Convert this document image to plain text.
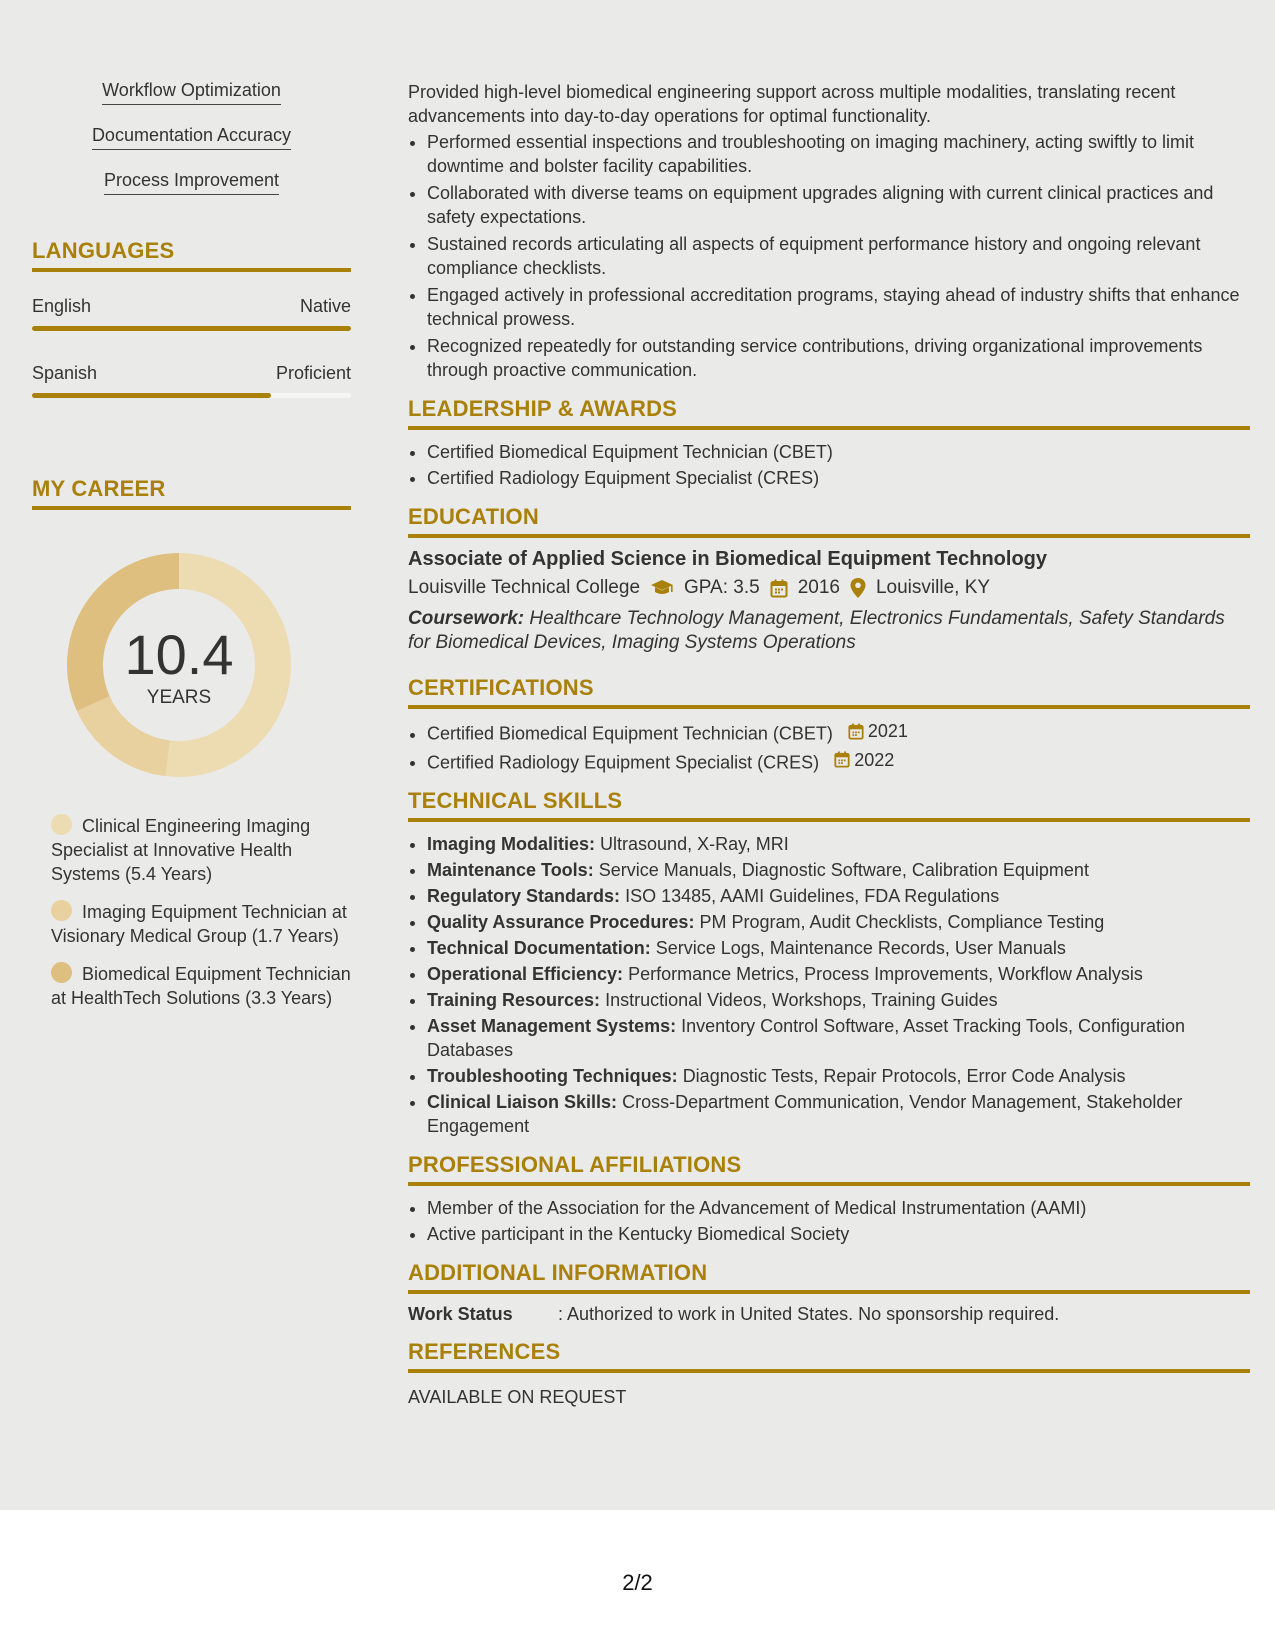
Workflow Optimization
Documentation Accuracy
Process Improvement
LANGUAGES
English	Native
Spanish	Proficient
MY CAREER
10.4
YEARS
Clinical Engineering Imaging Specialist at Innovative Health Systems (5.4 Years)
Imaging Equipment Technician at Visionary Medical Group (1.7 Years)
Biomedical Equipment Technician at HealthTech Solutions (3.3 Years)

Provided high-level biomedical engineering support across multiple modalities, translating recent advancements into day-to-day operations for optimal functionality.

• Performed essential inspections and troubleshooting on imaging machinery, acting swiftly to limit downtime and bolster facility capabilities.
• Collaborated with diverse teams on equipment upgrades aligning with current clinical practices and safety expectations.
• Sustained records articulating all aspects of equipment performance history and ongoing relevant compliance checklists.
• Engaged actively in professional accreditation programs, staying ahead of industry shifts that enhance technical prowess.
• Recognized repeatedly for outstanding service contributions, driving organizational improvements through proactive communication.
LEADERSHIP & AWARDS
• Certified Biomedical Equipment Technician (CBET)
• Certified Radiology Equipment Specialist (CRES)
EDUCATION
Associate of Applied Science in Biomedical Equipment Technology
Louisville Technical College GPA: 3.5 2016 Louisville, KY
Coursework: Healthcare Technology Management, Electronics Fundamentals, Safety Standards for Biomedical Devices, Imaging Systems Operations
CERTIFICATIONS
• Certified Biomedical Equipment Technician (CBET) 2021
• Certified Radiology Equipment Specialist (CRES) 2022
TECHNICAL SKILLS
• Imaging Modalities: Ultrasound, X-Ray, MRI
• Maintenance Tools: Service Manuals, Diagnostic Software, Calibration Equipment
• Regulatory Standards: ISO 13485, AAMI Guidelines, FDA Regulations
• Quality Assurance Procedures: PM Program, Audit Checklists, Compliance Testing
• Technical Documentation: Service Logs, Maintenance Records, User Manuals
• Operational Efficiency: Performance Metrics, Process Improvements, Workflow Analysis
• Training Resources: Instructional Videos, Workshops, Training Guides
• Asset Management Systems: Inventory Control Software, Asset Tracking Tools, Configuration Databases
• Troubleshooting Techniques: Diagnostic Tests, Repair Protocols, Error Code Analysis
• Clinical Liaison Skills: Cross-Department Communication, Vendor Management, Stakeholder Engagement
PROFESSIONAL AFFILIATIONS
• Member of the Association for the Advancement of Medical Instrumentation (AAMI)
• Active participant in the Kentucky Biomedical Society
ADDITIONAL INFORMATION
Work Status	: Authorized to work in United States. No sponsorship required.
REFERENCES
AVAILABLE ON REQUEST
2/2
